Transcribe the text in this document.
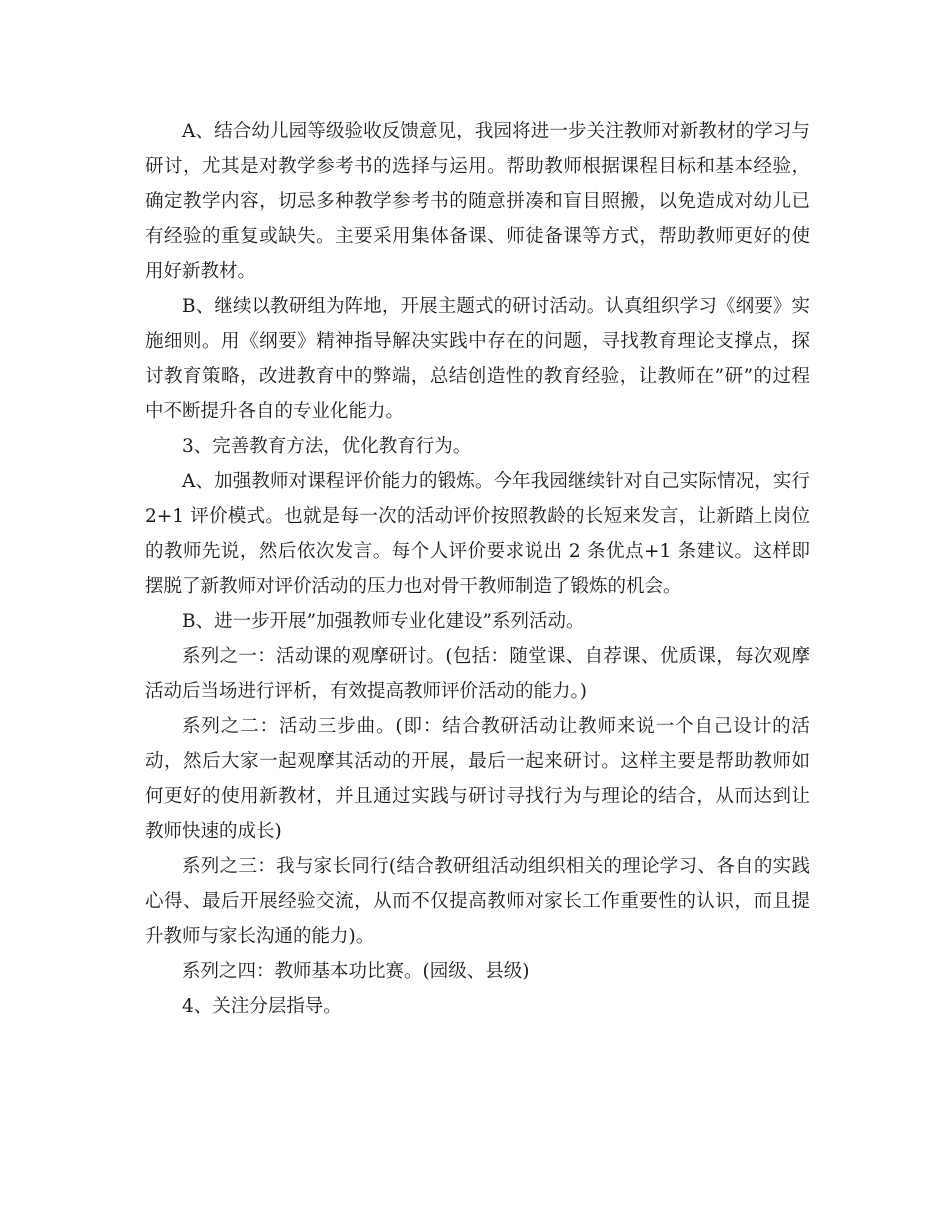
A、结合幼儿园等级验收反馈意见，我园将进一步关注教师对新教材的学习与研讨，尤其是对教学参考书的选择与运用。帮助教师根据课程目标和基本经验，确定教学内容，切忌多种教学参考书的随意拼凑和盲目照搬，以免造成对幼儿已有经验的重复或缺失。主要采用集体备课、师徒备课等方式，帮助教师更好的使用好新教材。

B、继续以教研组为阵地，开展主题式的研讨活动。认真组织学习《纲要》实施细则。用《纲要》精神指导解决实践中存在的问题，寻找教育理论支撑点，探讨教育策略，改进教育中的弊端，总结创造性的教育经验，让教师在”研”的过程中不断提升各自的专业化能力。

3、完善教育方法，优化教育行为。

A、加强教师对课程评价能力的锻炼。今年我园继续针对自己实际情况，实行 2+1 评价模式。也就是每一次的活动评价按照教龄的长短来发言，让新踏上岗位的教师先说，然后依次发言。每个人评价要求说出 2 条优点+1 条建议。这样即摆脱了新教师对评价活动的压力也对骨干教师制造了锻炼的机会。

B、进一步开展”加强教师专业化建设”系列活动。

系列之一：活动课的观摩研讨。(包括：随堂课、自荐课、优质课，每次观摩活动后当场进行评析，有效提高教师评价活动的能力。)

系列之二：活动三步曲。(即：结合教研活动让教师来说一个自己设计的活动，然后大家一起观摩其活动的开展，最后一起来研讨。这样主要是帮助教师如何更好的使用新教材，并且通过实践与研讨寻找行为与理论的结合，从而达到让教师快速的成长)

系列之三：我与家长同行(结合教研组活动组织相关的理论学习、各自的实践心得、最后开展经验交流，从而不仅提高教师对家长工作重要性的认识，而且提升教师与家长沟通的能力)。

系列之四：教师基本功比赛。(园级、县级)

4、关注分层指导。
